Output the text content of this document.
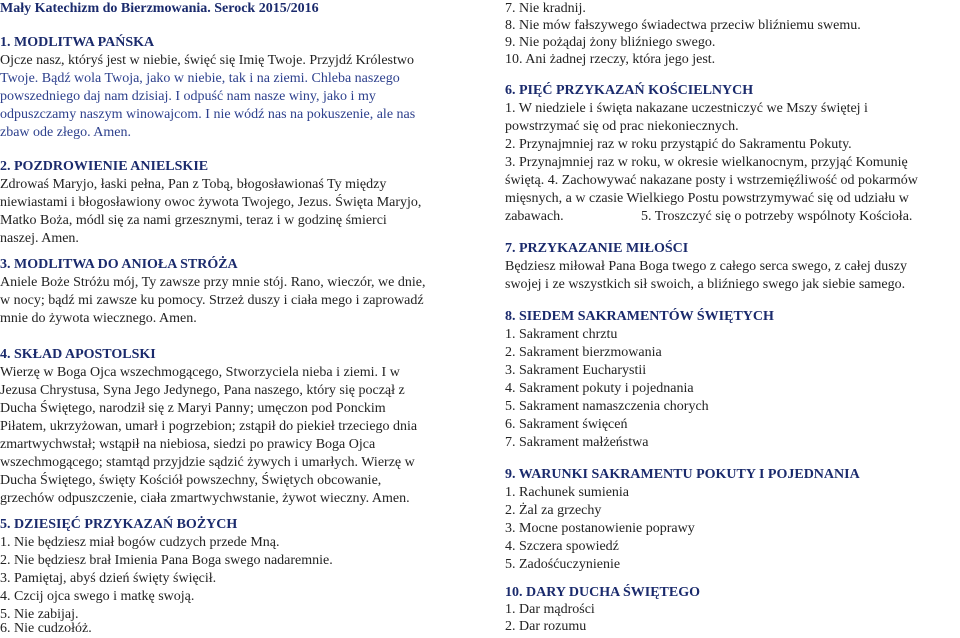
Mały Katechizm do Bierzmowania. Serock 2015/2016
1. MODLITWA PAŃSKA
Ojcze nasz, któryś jest w niebie, święć się Imię Twoje. Przyjdź Królestwo
Twoje. Bądź wola Twoja, jako w niebie, tak i na ziemi. Chleba naszego
powszedniego daj nam dzisiaj. I odpuść nam nasze winy, jako i my
odpuszczamy naszym winowajcom. I nie wódź nas na pokuszenie, ale nas
zbaw ode złego. Amen.
2. POZDROWIENIE ANIELSKIE
Zdrowaś Maryjo, łaski pełna, Pan z Tobą, błogosławionaś Ty między
niewiastami i błogosławiony owoc żywota Twojego, Jezus. Święta Maryjo,
Matko Boża, módl się za nami grzesznymi, teraz i w godzinę śmierci
naszej. Amen.
3. MODLITWA DO ANIOŁA STRÓŻA
Aniele Boże Stróżu mój, Ty zawsze przy mnie stój. Rano, wieczór, we dnie,
w nocy; bądź mi zawsze ku pomocy. Strzeż duszy i ciała mego i zaprowadź
mnie do żywota wiecznego. Amen.
4. SKŁAD APOSTOLSKI
Wierzę w Boga Ojca wszechmogącego, Stworzyciela nieba i ziemi. I w
Jezusa Chrystusa, Syna Jego Jedynego, Pana naszego, który się począł z
Ducha Świętego, narodził się z Maryi Panny; umęczon pod Ponckim
Piłatem, ukrzyżowan, umarł i pogrzebion; zstąpił do piekieł trzeciego dnia
zmartwychwstał; wstąpił na niebiosa, siedzi po prawicy Boga Ojca
wszechmogącego; stamtąd przyjdzie sądzić żywych i umarłych. Wierzę w
Ducha Świętego, święty Kościół powszechny, Świętych obcowanie,
grzechów odpuszczenie, ciała zmartwychwstanie, żywot wieczny. Amen.
5. DZIESIĘĆ PRZYKAZAŃ BOŻYCH
1. Nie będziesz miał bogów cudzych przede Mną.
2. Nie będziesz brał Imienia Pana Boga swego nadaremnie.
3. Pamiętaj, abyś dzień święty święcił.
4. Czcij ojca swego i matkę swoją.
5. Nie zabijaj.
6. Nie cudzołóż.
7. Nie kradnij.
8. Nie mów fałszywego świadectwa przeciw bliźniemu swemu.
9. Nie pożądaj żony bliźniego swego.
10. Ani żadnej rzeczy, która jego jest.
6. PIĘĆ PRZYKAZAŃ KOŚCIELNYCH
1. W niedziele i święta nakazane uczestniczyć we Mszy świętej i
powstrzymać się od prac niekoniecznych.
2. Przynajmniej raz w roku przystąpić do Sakramentu Pokuty.
3. Przynajmniej raz w roku, w okresie wielkanocnym, przyjąć Komunię
świętą. 4. Zachowywać nakazane posty i wstrzemięźliwość od pokarmów
mięsnych, a w czasie Wielkiego Postu powstrzymywać się od udziału w
zabawach.	5. Troszczyć się o potrzeby wspólnoty Kościoła.
7. PRZYKAZANIE MIŁOŚCI
Będziesz miłował Pana Boga twego z całego serca swego, z całej duszy
swojej i ze wszystkich sił swoich, a bliźniego swego jak siebie samego.
8. SIEDEM SAKRAMENTÓW ŚWIĘTYCH
1. Sakrament chrztu
2. Sakrament bierzmowania
3. Sakrament Eucharystii
4. Sakrament pokuty i pojednania
5. Sakrament namaszczenia chorych
6. Sakrament święceń
7. Sakrament małżeństwa
9. WARUNKI SAKRAMENTU POKUTY I POJEDNANIA
1. Rachunek sumienia
2. Żal za grzechy
3. Mocne postanowienie poprawy
4. Szczera spowiedź
5. Zadośćuczynienie
10. DARY DUCHA ŚWIĘTEGO
1. Dar mądrości
2. Dar rozumu
